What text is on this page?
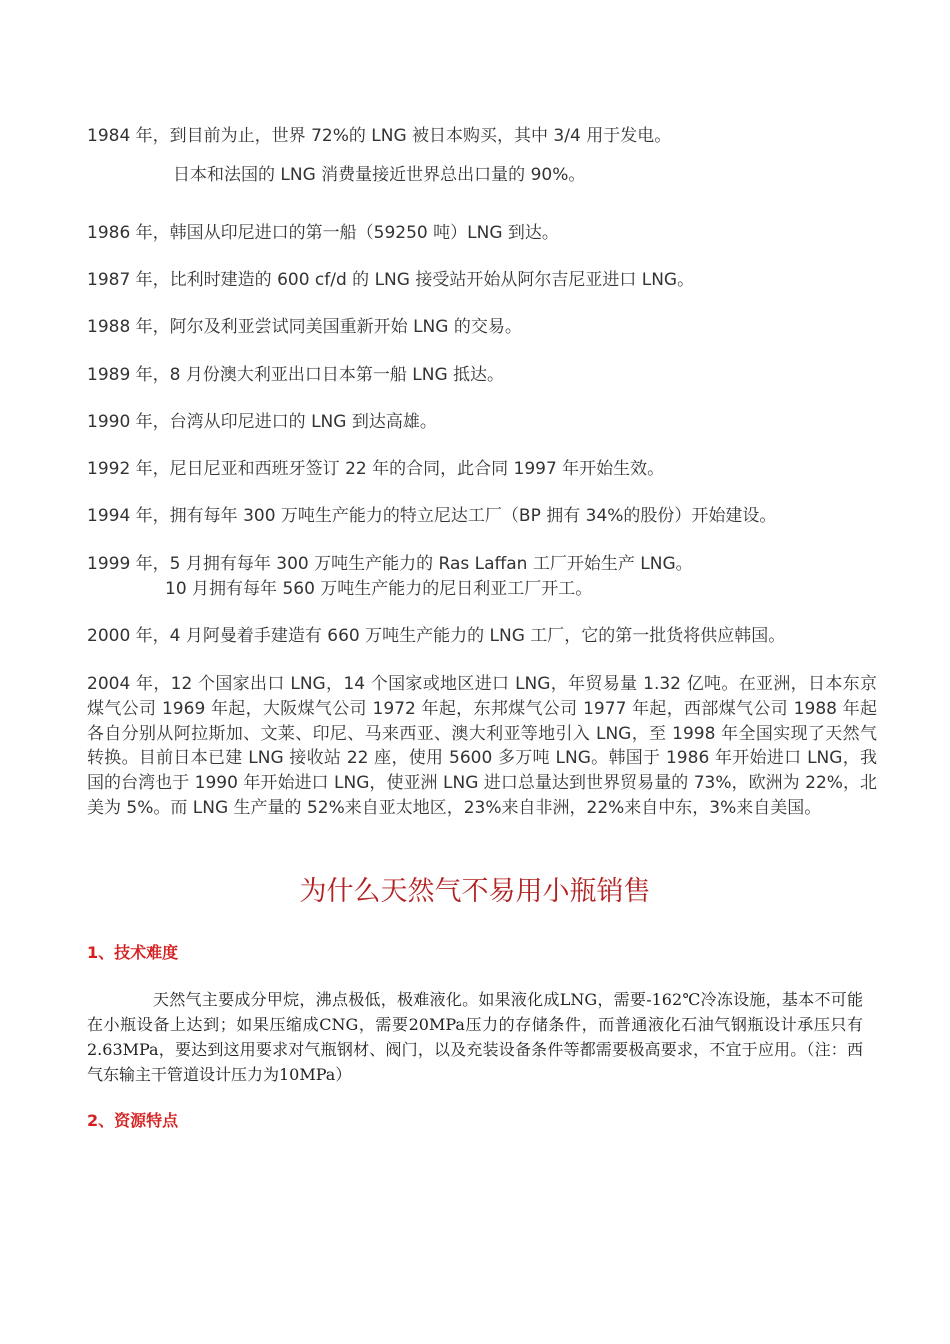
1984 年，到目前为止，世界 72%的 LNG 被日本购买，其中 3/4 用于发电。
日本和法国的 LNG 消费量接近世界总出口量的 90%。
1986 年，韩国从印尼进口的第一船（59250 吨）LNG 到达。
1987 年，比利时建造的 600 cf/d 的 LNG 接受站开始从阿尔吉尼亚进口 LNG。
1988 年，阿尔及利亚尝试同美国重新开始 LNG 的交易。
1989 年，8 月份澳大利亚出口日本第一船 LNG 抵达。
1990 年，台湾从印尼进口的 LNG 到达高雄。
1992 年，尼日尼亚和西班牙签订 22 年的合同，此合同 1997 年开始生效。
1994 年，拥有每年 300 万吨生产能力的特立尼达工厂（BP 拥有 34%的股份）开始建设。
1999 年，5 月拥有每年 300 万吨生产能力的 Ras Laffan 工厂开始生产 LNG。
10 月拥有每年 560 万吨生产能力的尼日利亚工厂开工。
2000 年，4 月阿曼着手建造有 660 万吨生产能力的 LNG 工厂，它的第一批货将供应韩国。
2004 年，12 个国家出口 LNG，14 个国家或地区进口 LNG，年贸易量 1.32 亿吨。在亚洲，日本东京煤气公司 1969 年起，大阪煤气公司 1972 年起，东邦煤气公司 1977 年起，西部煤气公司 1988 年起各自分别从阿拉斯加、文莱、印尼、马来西亚、澳大利亚等地引入 LNG，至 1998 年全国实现了天然气转换。目前日本已建 LNG 接收站 22 座，使用 5600 多万吨 LNG。韩国于 1986 年开始进口 LNG，我国的台湾也于 1990 年开始进口 LNG，使亚洲 LNG 进口总量达到世界贸易量的 73%，欧洲为 22%，北美为 5%。而 LNG 生产量的 52%来自亚太地区，23%来自非洲，22%来自中东，3%来自美国。
为什么天然气不易用小瓶销售
1、技术难度
天然气主要成分甲烷，沸点极低，极难液化。如果液化成LNG，需要-162℃冷冻设施，基本不可能在小瓶设备上达到；如果压缩成CNG，需要20MPa压力的存储条件，而普通液化石油气钢瓶设计承压只有2.63MPa，要达到这用要求对气瓶钢材、阀门，以及充装设备条件等都需要极高要求，不宜于应用。（注：西气东输主干管道设计压力为10MPa）
2、资源特点
